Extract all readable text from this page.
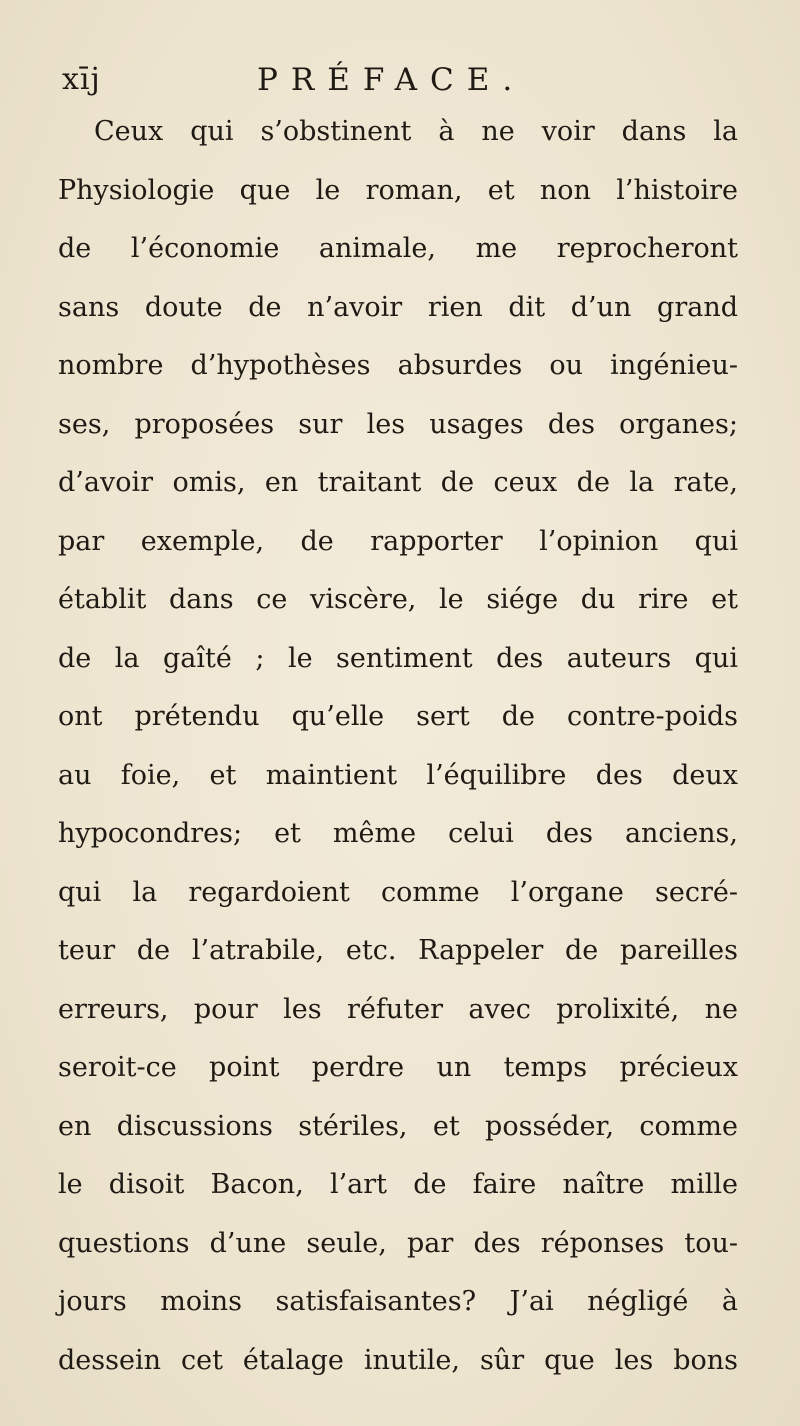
xīj	PRÉFACE.
Ceux qui s’obstinent à ne voir dans la
Physiologie que le roman, et non l’histoire
de l’économie animale, me reprocheront
sans doute de n’avoir rien dit d’un grand
nombre d’hypothèses absurdes ou ingénieu-
ses, proposées sur les usages des organes;
d’avoir omis, en traitant de ceux de la rate,
par exemple, de rapporter l’opinion qui
établit dans ce viscère, le siége du rire et
de la gaîté ; le sentiment des auteurs qui
ont prétendu qu’elle sert de contre-poids
au foie, et maintient l’équilibre des deux
hypocondres; et même celui des anciens,
qui la regardoient comme l’organe secré-
teur de l’atrabile, etc. Rappeler de pareilles
erreurs, pour les réfuter avec prolixité, ne
seroit-ce point perdre un temps précieux
en discussions stériles, et posséder, comme
le disoit Bacon, l’art de faire naître mille
questions d’une seule, par des réponses tou-
jours moins satisfaisantes? J’ai négligé à
dessein cet étalage inutile, sûr que les bons
